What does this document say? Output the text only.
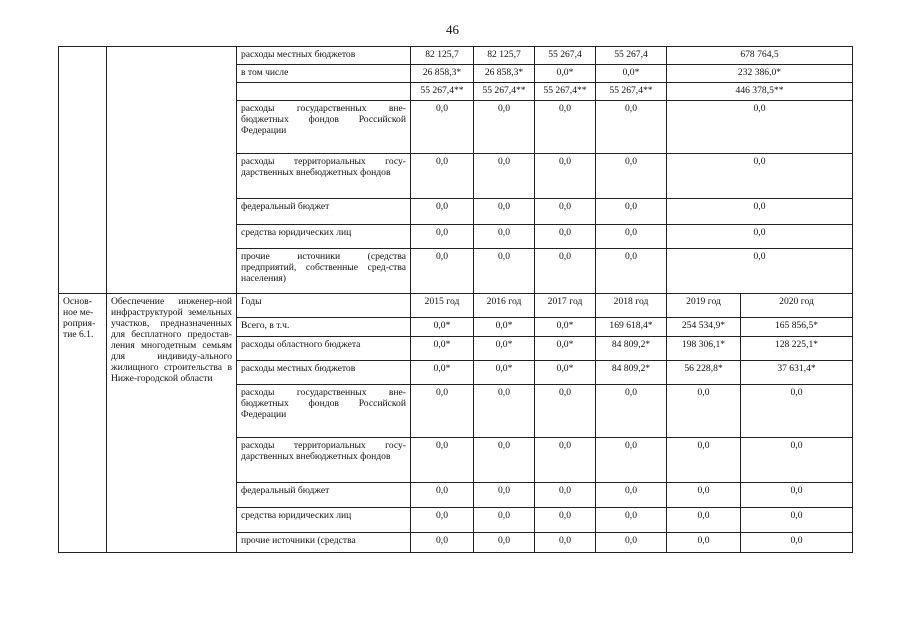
46
		расходы местных бюджетов	82 125,7	82 125,7	55 267,4	55 267,4	678 764,5	
		в том числе	26 858,3*	26 858,3*	0,0*	0,0*	232 386,0*	
			55 267,4**	55 267,4**	55 267,4**	55 267,4**	446 378,5**	
		расходы государственных вне-бюджетных фондов Российской Федерации	0,0	0,0	0,0	0,0	0,0	
		расходы территориальных госу-дарственных внебюджетных фондов	0,0	0,0	0,0	0,0	0,0	
		федеральный бюджет	0,0	0,0	0,0	0,0	0,0	
		средства юридических лиц	0,0	0,0	0,0	0,0	0,0	
		прочие источники (средства предприятий, собственные сред-ства населения)	0,0	0,0	0,0	0,0	0,0	
Основ-ное ме-роприя-тие 6.1.	Обеспечение инженер-ной инфраструктурой земельных участков, предназначенных для бесплатного предостав-ления многодетным семьям для индивиду-ального жилищного строительства в Ниже-городской области	Годы	2015 год	2016 год	2017 год	2018 год	2019 год	2020 год
		Всего, в т.ч.	0,0*	0,0*	0,0*	169 618,4*	254 534,9*	165 856,5*
		расходы областного бюджета	0,0*	0,0*	0,0*	84 809,2*	198 306,1*	128 225,1*
		расходы местных бюджетов	0,0*	0,0*	0,0*	84 809,2*	56 228,8*	37 631,4*
		расходы государственных вне-бюджетных фондов Российской Федерации	0,0	0,0	0,0	0,0	0,0	0,0
		расходы территориальных госу-дарственных внебюджетных фондов	0,0	0,0	0,0	0,0	0,0	0,0
		федеральный бюджет	0,0	0,0	0,0	0,0	0,0	0,0
		средства юридических лиц	0,0	0,0	0,0	0,0	0,0	0,0
		прочие источники (средства	0,0	0,0	0,0	0,0	0,0	0,0
